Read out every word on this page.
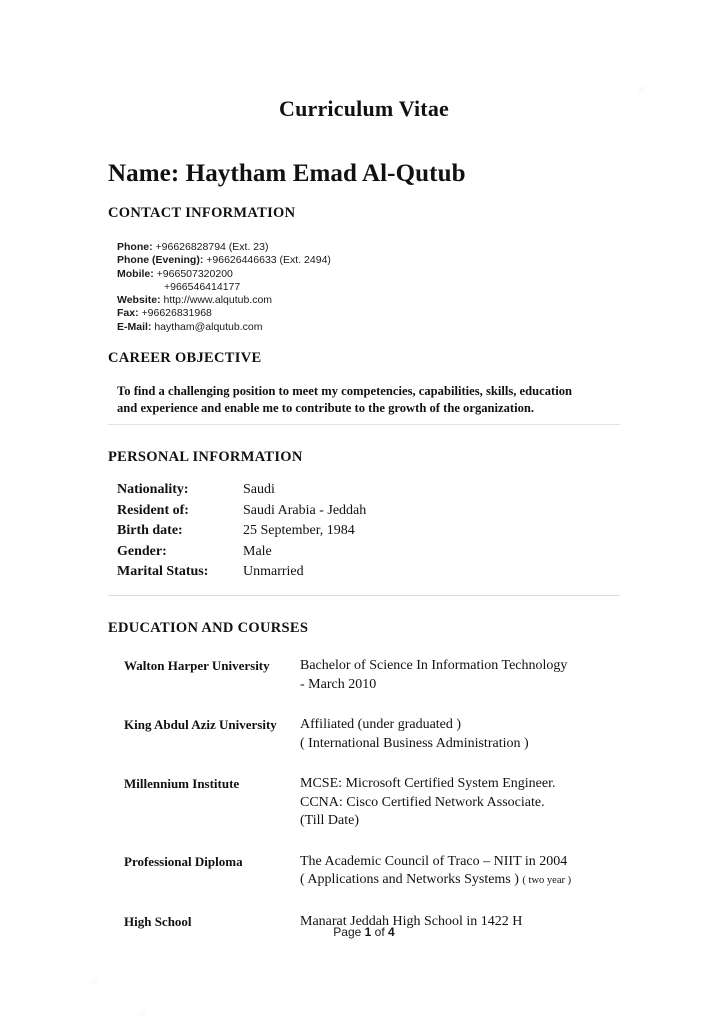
Curriculum Vitae
Name: Haytham Emad Al-Qutub
CONTACT INFORMATION
Phone: +96626828794 (Ext. 23)
Phone (Evening): +96626446633 (Ext. 2494)
Mobile: +966507320200
+966546414177
Website: http://www.alqutub.com
Fax: +96626831968
E-Mail: haytham@alqutub.com
CAREER OBJECTIVE
To find a challenging position to meet my competencies, capabilities, skills, education and experience and enable me to contribute to the growth of the organization.
PERSONAL INFORMATION
Nationality:	Saudi
Resident of:	Saudi Arabia - Jeddah
Birth date:	25 September, 1984
Gender:	Male
Marital Status:	Unmarried
EDUCATION AND COURSES
Walton Harper University	Bachelor of Science In Information Technology
- March 2010

King Abdul Aziz University	Affiliated (under graduated )
( International Business Administration )

Millennium Institute	MCSE: Microsoft Certified System Engineer.
CCNA: Cisco Certified Network Associate.
(Till Date)

Professional Diploma	The Academic Council of Traco – NIIT in 2004
( Applications and Networks Systems ) ( two year )

High School	Manarat Jeddah High School in 1422 H
Page 1 of 4
